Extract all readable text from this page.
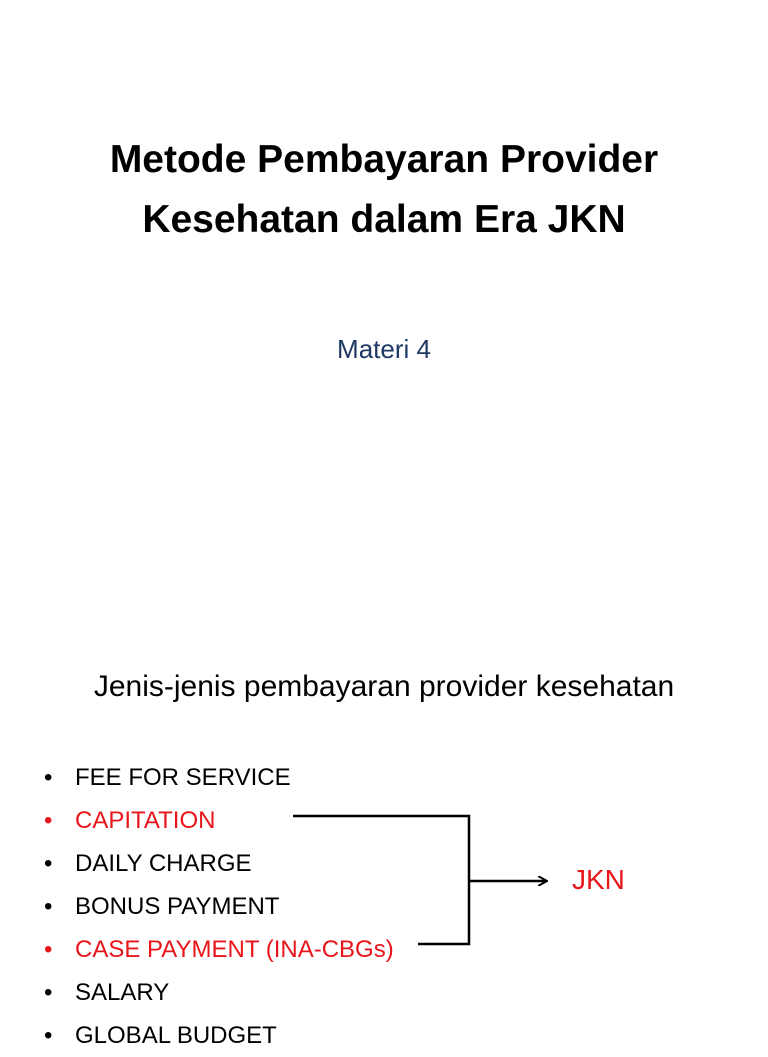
Metode Pembayaran Provider
Kesehatan dalam Era JKN
Materi 4
Jenis-jenis pembayaran provider kesehatan
• FEE FOR SERVICE
• CAPITATION
• DAILY CHARGE
• BONUS PAYMENT
• CASE PAYMENT (INA-CBGs)
• SALARY
• GLOBAL BUDGET
JKN
